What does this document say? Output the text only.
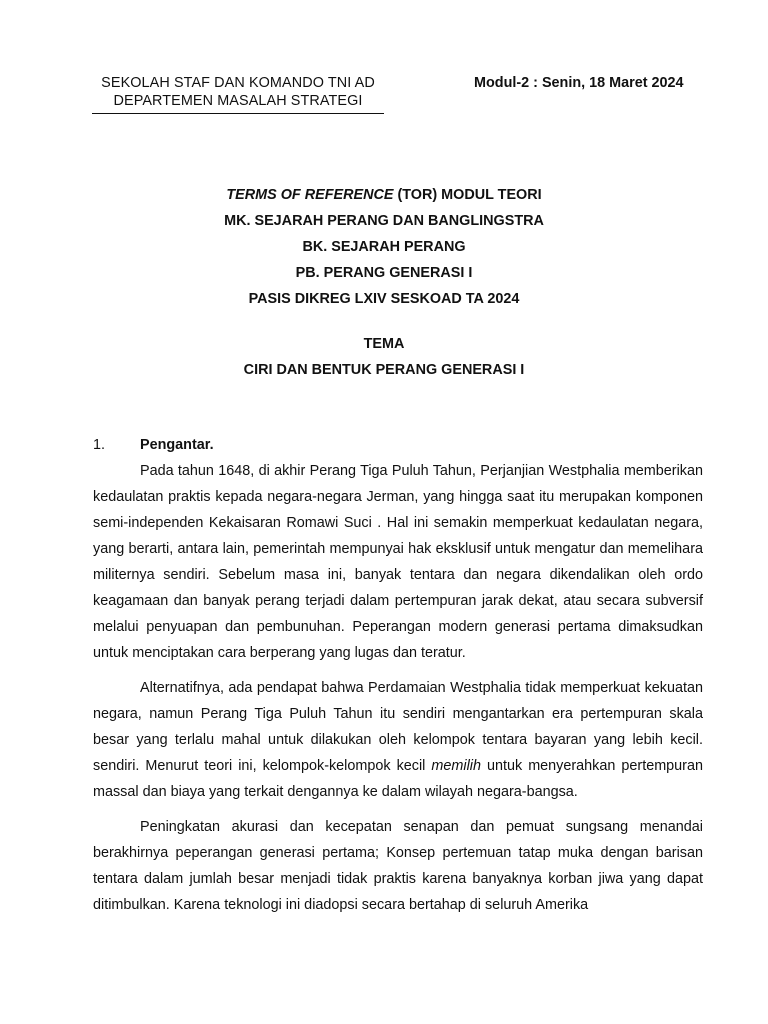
SEKOLAH STAF DAN KOMANDO TNI AD
DEPARTEMEN MASALAH STRATEGI
Modul-2 : Senin, 18 Maret 2024
TERMS OF REFERENCE (TOR) MODUL TEORI
MK. SEJARAH PERANG DAN BANGLINGSTRA
BK. SEJARAH PERANG
PB. PERANG GENERASI I
PASIS DIKREG LXIV SESKOAD TA 2024
TEMA
CIRI DAN BENTUK PERANG GENERASI I
1. Pengantar.

Pada tahun 1648, di akhir Perang Tiga Puluh Tahun, Perjanjian Westphalia memberikan kedaulatan praktis kepada negara-negara Jerman, yang hingga saat itu merupakan komponen semi-independen Kekaisaran Romawi Suci . Hal ini semakin memperkuat kedaulatan negara, yang berarti, antara lain, pemerintah mempunyai hak eksklusif untuk mengatur dan memelihara militernya sendiri. Sebelum masa ini, banyak tentara dan negara dikendalikan oleh ordo keagamaan dan banyak perang terjadi dalam pertempuran jarak dekat, atau secara subversif melalui penyuapan dan pembunuhan. Peperangan modern generasi pertama dimaksudkan untuk menciptakan cara berperang yang lugas dan teratur.

Alternatifnya, ada pendapat bahwa Perdamaian Westphalia tidak memperkuat kekuatan negara, namun Perang Tiga Puluh Tahun itu sendiri mengantarkan era pertempuran skala besar yang terlalu mahal untuk dilakukan oleh kelompok tentara bayaran yang lebih kecil. sendiri. Menurut teori ini, kelompok-kelompok kecil memilih untuk menyerahkan pertempuran massal dan biaya yang terkait dengannya ke dalam wilayah negara-bangsa.

Peningkatan akurasi dan kecepatan senapan dan pemuat sungsang menandai berakhirnya peperangan generasi pertama; Konsep pertemuan tatap muka dengan barisan tentara dalam jumlah besar menjadi tidak praktis karena banyaknya korban jiwa yang dapat ditimbulkan. Karena teknologi ini diadopsi secara bertahap di seluruh Amerika
